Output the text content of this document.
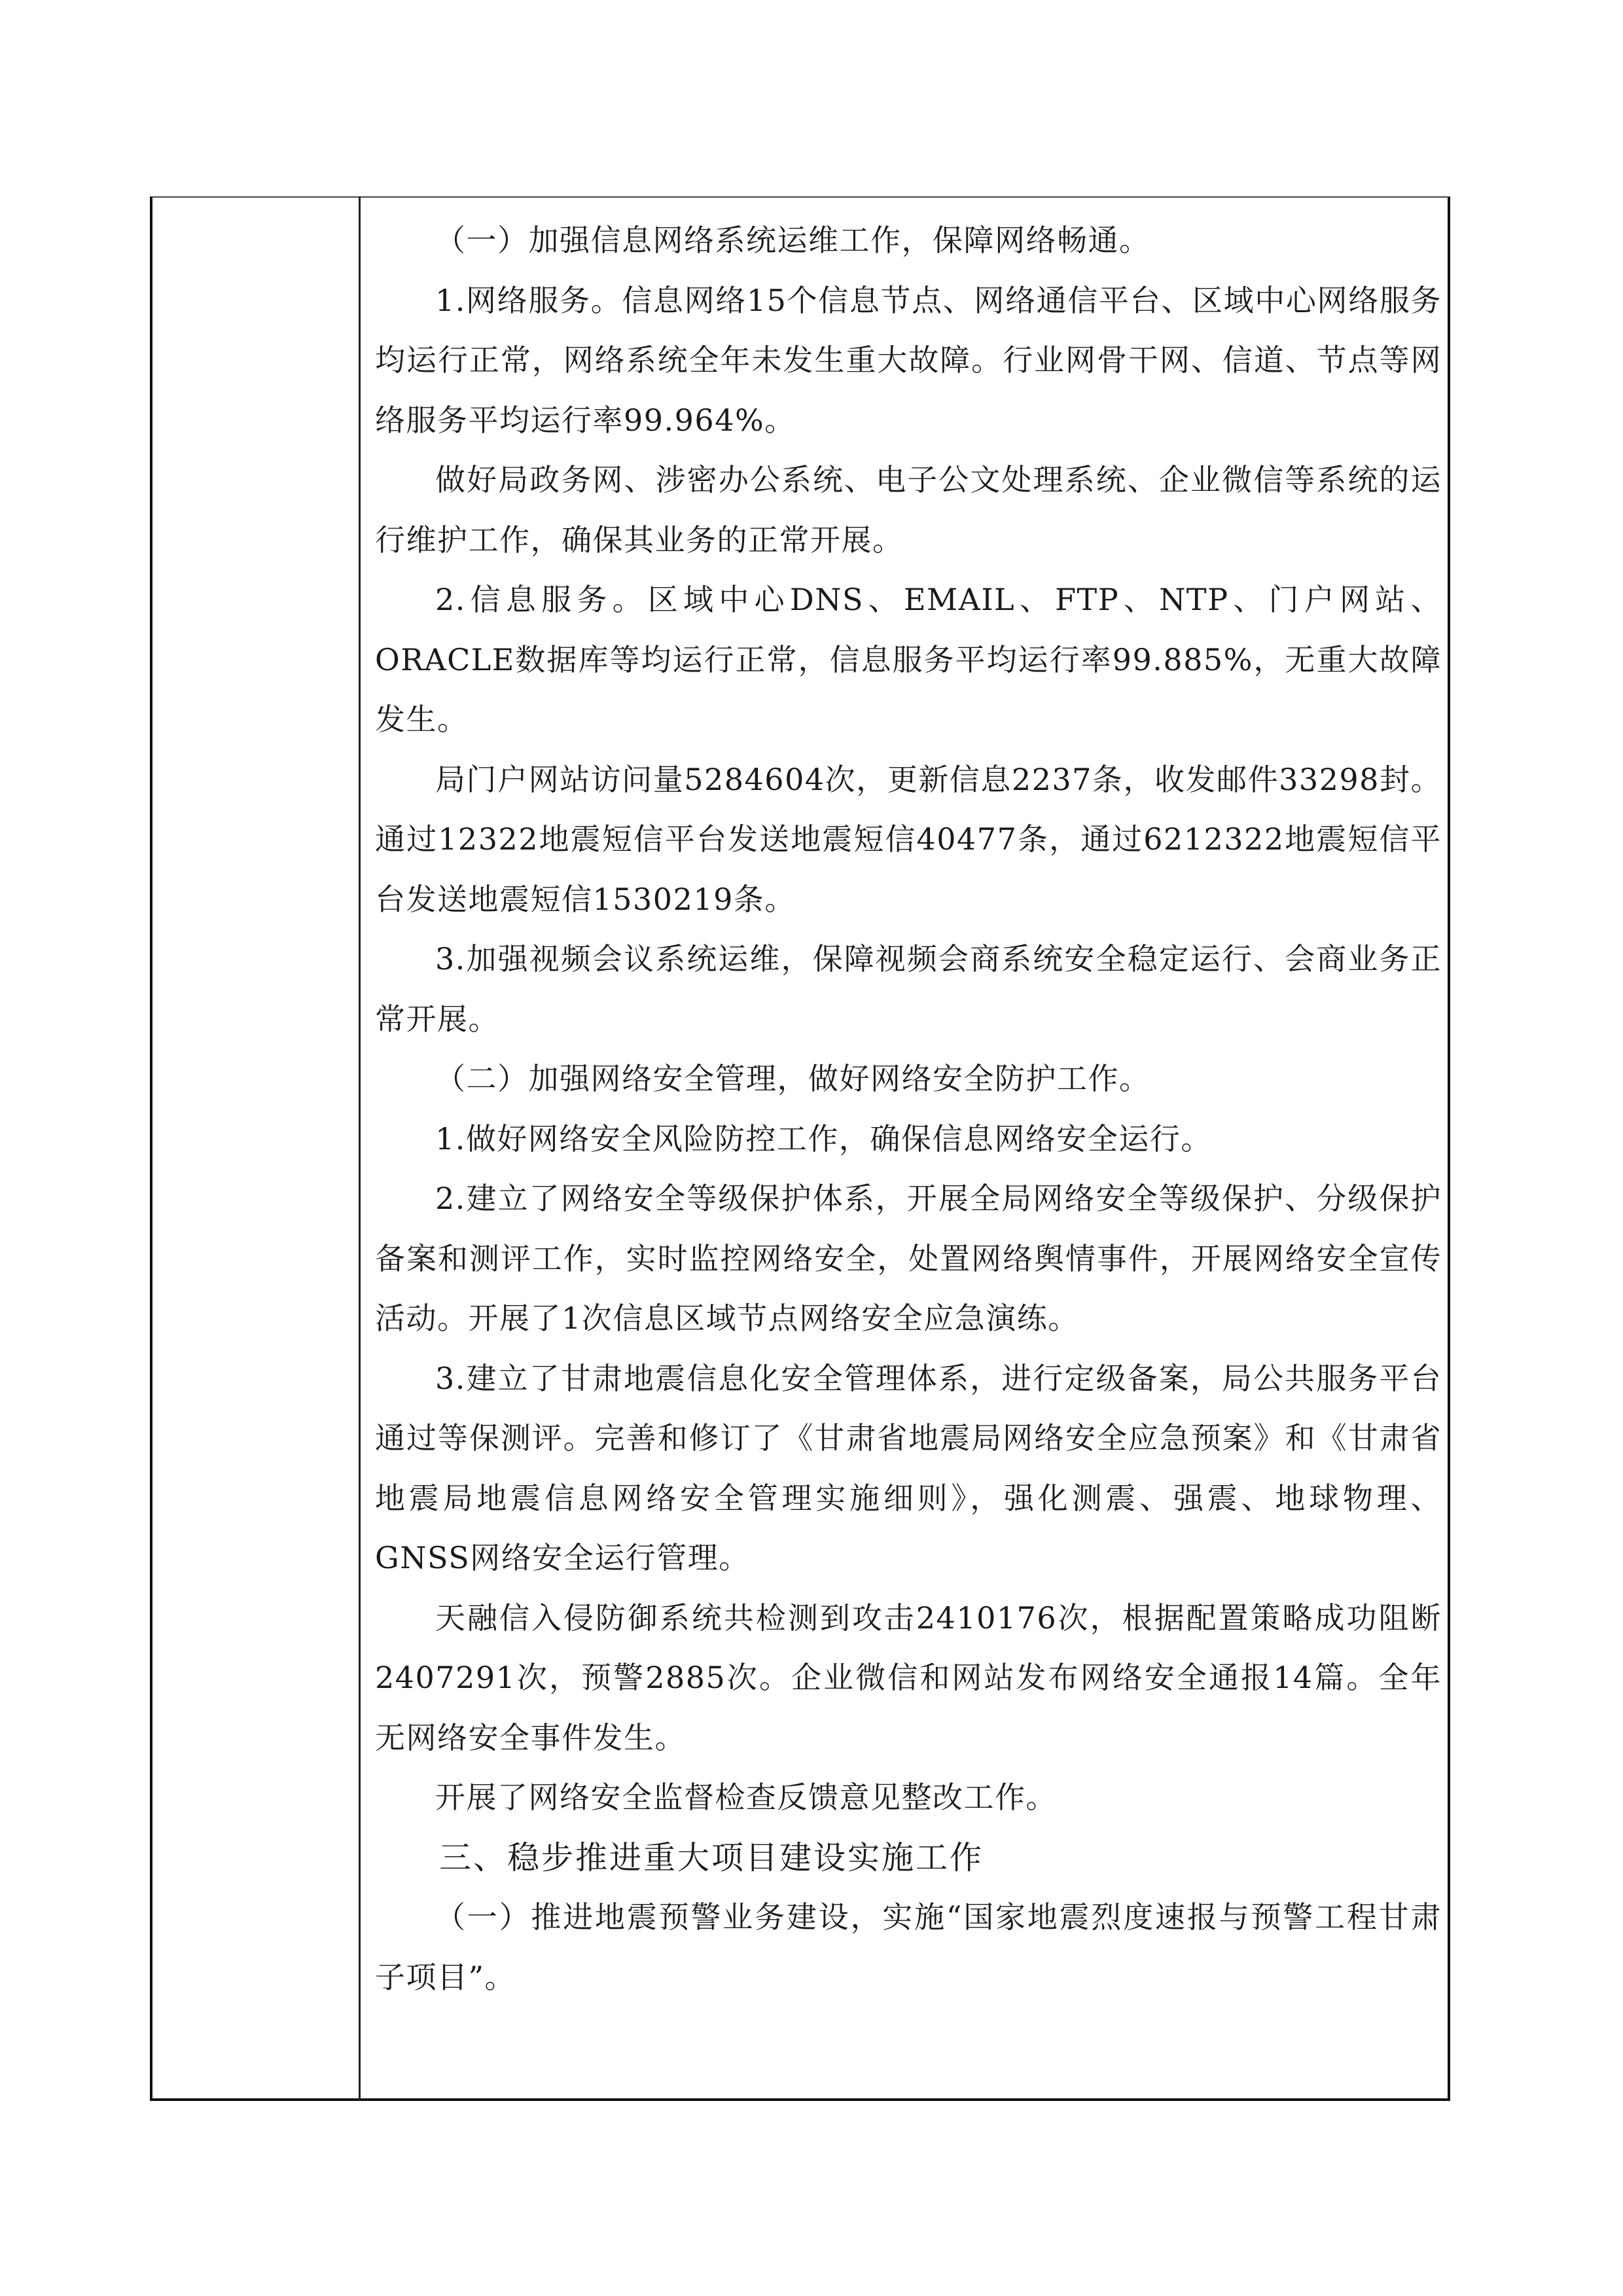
（一）加强信息网络系统运维工作，保障网络畅通。

1.网络服务。信息网络15个信息节点、网络通信平台、区域中心网络服务均运行正常，网络系统全年未发生重大故障。行业网骨干网、信道、节点等网络服务平均运行率99.964%。

做好局政务网、涉密办公系统、电子公文处理系统、企业微信等系统的运行维护工作，确保其业务的正常开展。

2.信息服务。区域中心DNS、EMAIL、FTP、NTP、门户网站、ORACLE数据库等均运行正常，信息服务平均运行率99.885%，无重大故障发生。

局门户网站访问量5284604次，更新信息2237条，收发邮件33298封。通过12322地震短信平台发送地震短信40477条，通过6212322地震短信平台发送地震短信1530219条。

3.加强视频会议系统运维，保障视频会商系统安全稳定运行、会商业务正常开展。

（二）加强网络安全管理，做好网络安全防护工作。

1.做好网络安全风险防控工作，确保信息网络安全运行。

2.建立了网络安全等级保护体系，开展全局网络安全等级保护、分级保护备案和测评工作，实时监控网络安全，处置网络舆情事件，开展网络安全宣传活动。开展了1次信息区域节点网络安全应急演练。

3.建立了甘肃地震信息化安全管理体系，进行定级备案，局公共服务平台通过等保测评。完善和修订了《甘肃省地震局网络安全应急预案》和《甘肃省地震局地震信息网络安全管理实施细则》，强化测震、强震、地球物理、GNSS网络安全运行管理。

天融信入侵防御系统共检测到攻击2410176次，根据配置策略成功阻断2407291次，预警2885次。企业微信和网站发布网络安全通报14篇。全年无网络安全事件发生。

开展了网络安全监督检查反馈意见整改工作。

三、稳步推进重大项目建设实施工作

（一）推进地震预警业务建设，实施“国家地震烈度速报与预警工程甘肃子项目”。
